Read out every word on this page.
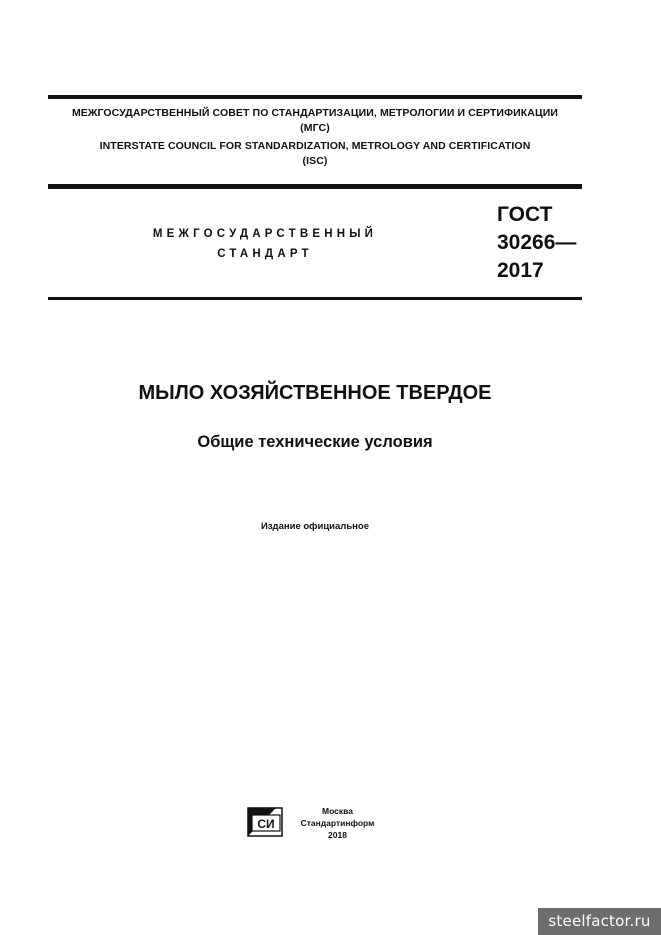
МЕЖГОСУДАРСТВЕННЫЙ СОВЕТ ПО СТАНДАРТИЗАЦИИ, МЕТРОЛОГИИ И СЕРТИФИКАЦИИ
(МГС)
INTERSTATE COUNCIL FOR STANDARDIZATION, METROLOGY AND CERTIFICATION
(ISC)
МЕЖГОСУДАРСТВЕННЫЙ
СТАНДАРТ
ГОСТ
30266—
2017
МЫЛО ХОЗЯЙСТВЕННОЕ ТВЕРДОЕ
Общие технические условия
Издание официальное
СИ
Москва
Стандартинформ
2018
steelfactor.ru
